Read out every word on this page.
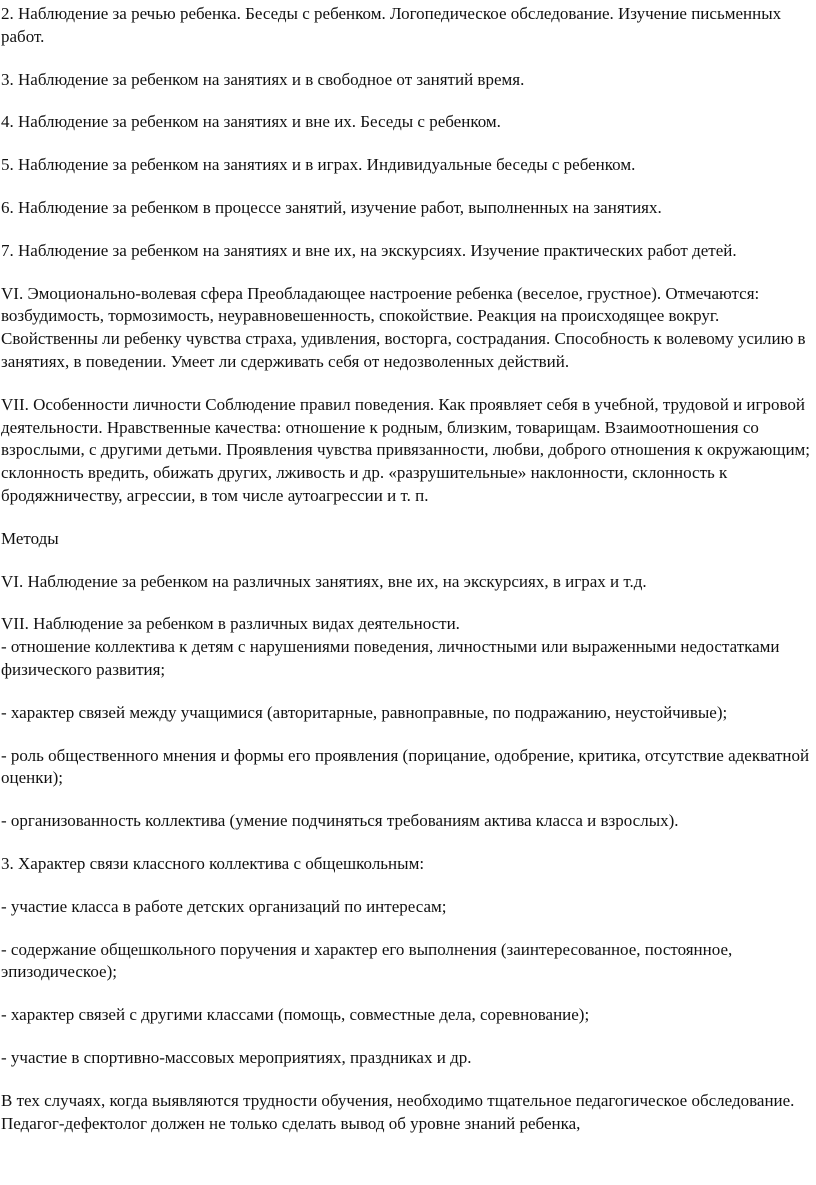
2. Наблюдение за речью ребенка. Беседы с ребенком. Логопедическое обследование. Изучение письменных работ.

3. Наблюдение за ребенком на занятиях и в свободное от занятий время.

4. Наблюдение за ребенком на занятиях и вне их. Беседы с ребенком.

5. Наблюдение за ребенком на занятиях и в играх. Индивидуальные беседы с ребенком.

6. Наблюдение за ребенком в процессе занятий, изучение работ, выполненных на занятиях.

7. Наблюдение за ребенком на занятиях и вне их, на экскурсиях. Изучение практических работ детей.

VI. Эмоционально-волевая сфера Преобладающее настроение ребенка (веселое, грустное). Отмечаются: возбудимость, тормозимость, неуравновешенность, спокойствие. Реакция на происходящее вокруг. Свойственны ли ребенку чувства страха, удивления, восторга, сострадания. Способность к волевому усилию в занятиях, в поведении. Умеет ли сдерживать себя от недозволенных действий.

VII. Особенности личности Соблюдение правил поведения. Как проявляет себя в учебной, трудовой и игровой деятельности. Нравственные качества: отношение к родным, близким, товарищам. Взаимоотношения со взрослыми, с другими детьми. Проявления чувства привязанности, любви, доброго отношения к окружающим; склонность вредить, обижать других, лживость и др. «разрушительные» наклонности, склонность к бродяжничеству, агрессии, в том числе аутоагрессии и т. п.

Методы

VI. Наблюдение за ребенком на различных занятиях, вне их, на экскурсиях, в играх и т.д.

VII. Наблюдение за ребенком в различных видах деятельности.

- отношение коллектива к детям с нарушениями поведения, личностными или выраженными недостатками физического развития;

- характер связей между учащимися (авторитарные, равноправные, по подражанию, неустойчивые);

- роль общественного мнения и формы его проявления (порицание, одобрение, критика, отсутствие адекватной оценки);

- организованность коллектива (умение подчиняться требованиям актива класса и взрослых).

3. Характер связи классного коллектива с общешкольным:

- участие класса в работе детских организаций по интересам;

- содержание общешкольного поручения и характер его выполнения (заинтересованное, постоянное, эпизодическое);

- характер связей с другими классами (помощь, совместные дела, соревнование);

- участие в спортивно-массовых мероприятиях, праздниках и др.

В тех случаях, когда выявляются трудности обучения, необходимо тщательное педагогическое обследование. Педагог-дефектолог должен не только сделать вывод об уровне знаний ребенка,
